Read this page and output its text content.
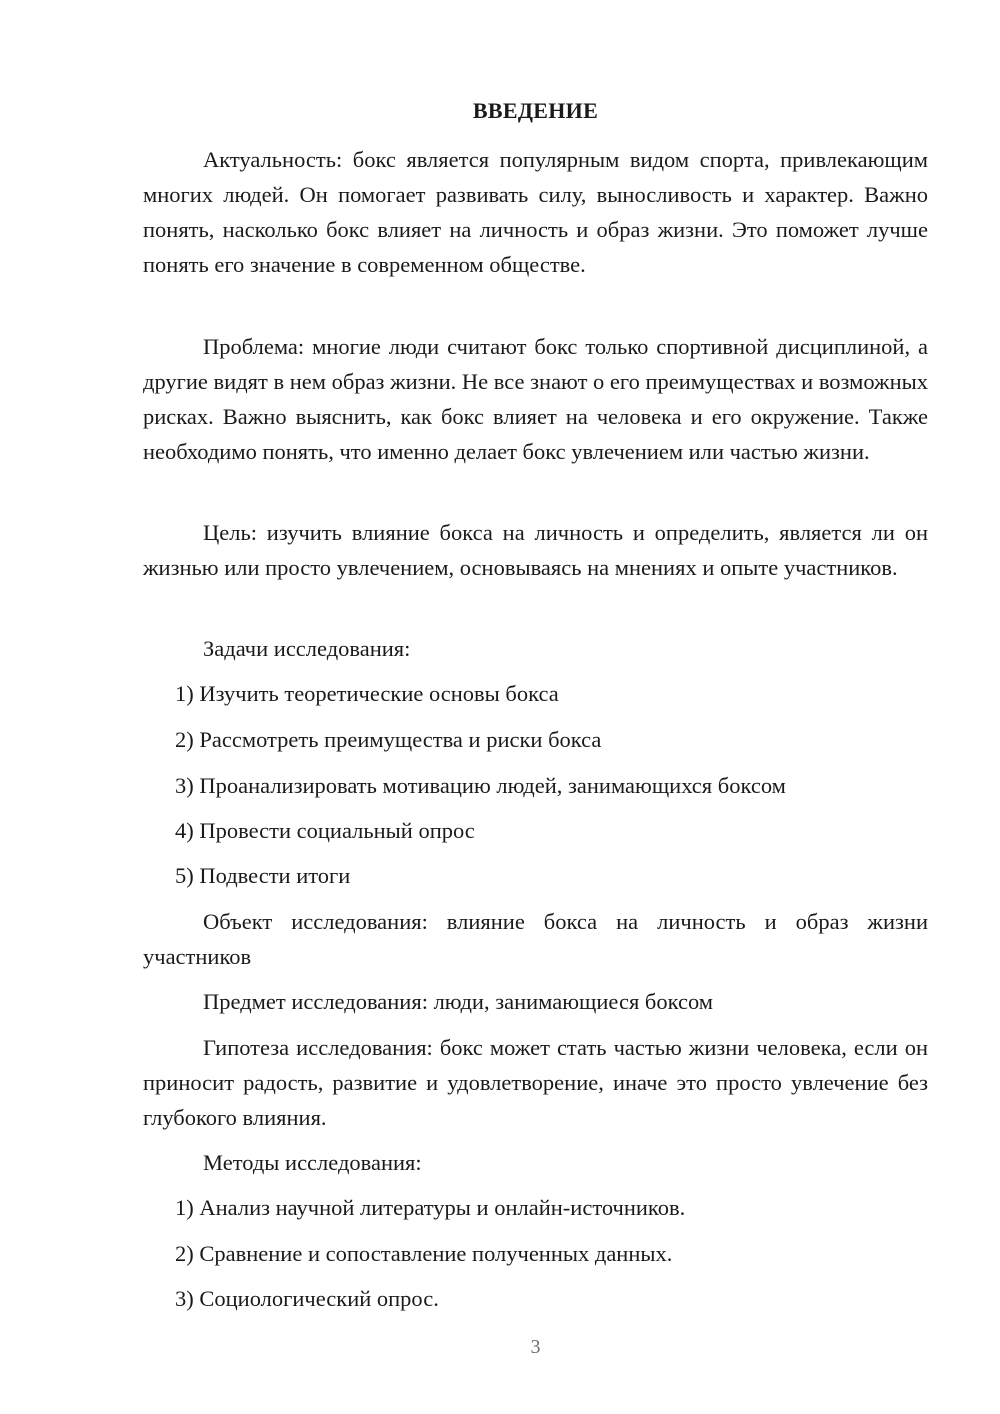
ВВЕДЕНИЕ

Актуальность: бокс является популярным видом спорта, привлекающим многих людей. Он помогает развивать силу, выносливость и характер. Важно понять, насколько бокс влияет на личность и образ жизни. Это поможет лучше понять его значение в современном обществе.

Проблема: многие люди считают бокс только спортивной дисциплиной, а другие видят в нем образ жизни. Не все знают о его преимуществах и возможных рисках. Важно выяснить, как бокс влияет на человека и его окружение. Также необходимо понять, что именно делает бокс увлечением или частью жизни.

Цель: изучить влияние бокса на личность и определить, является ли он жизнью или просто увлечением, основываясь на мнениях и опыте участников.

Задачи исследования:

1) Изучить теоретические основы бокса

2) Рассмотреть преимущества и риски бокса

3) Проанализировать мотивацию людей, занимающихся боксом

4) Провести социальный опрос

5) Подвести итоги

Объект исследования: влияние бокса на личность и образ жизни участников

Предмет исследования: люди, занимающиеся боксом

Гипотеза исследования: бокс может стать частью жизни человека, если он приносит радость, развитие и удовлетворение, иначе это просто увлечение без глубокого влияния.

Методы исследования:

1) Анализ научной литературы и онлайн-источников.

2) Сравнение и сопоставление полученных данных.

3) Социологический опрос.

3
